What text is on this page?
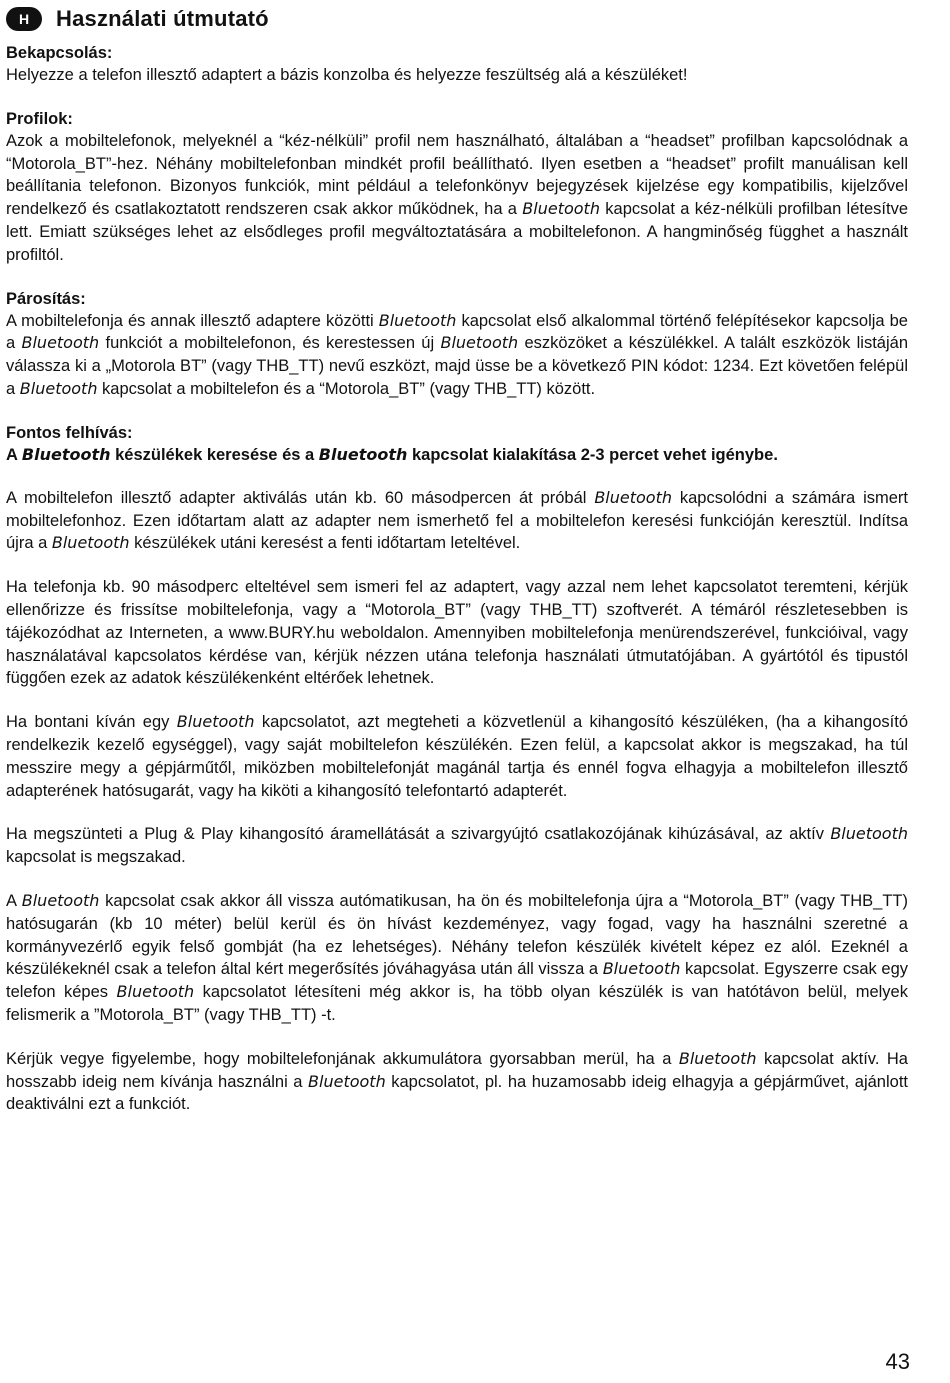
H	Használati útmutató
Bekapcsolás:

Helyezze a telefon illesztő adaptert a bázis konzolba és helyezze feszültség alá a készüléket!

Profilok:

Azok a mobiltelefonok, melyeknél a “kéz-nélküli” profil nem használható, általában a “headset” profilban kapcsolódnak a “Motorola_BT”-hez. Néhány mobiltelefonban mindkét profil beállítható. Ilyen esetben a “headset” profilt manuálisan kell beállítania telefonon. Bizonyos funkciók, mint például a telefonkönyv bejegyzések kijelzése egy kompatibilis, kijelzővel rendelkező és csatlakoztatott rendszeren csak akkor működnek, ha a Bluetooth kapcsolat a kéz-nélküli profilban létesítve lett. Emiatt szükséges lehet az elsődleges profil megváltoztatására a mobiltelefonon. A hangminőség függhet a használt profiltól.

Párosítás:

A mobiltelefonja és annak illesztő adaptere közötti Bluetooth kapcsolat első alkalommal történő felépítésekor kapcsolja be a Bluetooth funkciót a mobiltelefonon, és kerestessen új Bluetooth eszközöket a készülékkel. A talált eszközök listáján válassza ki a „Motorola BT” (vagy THB_TT) nevű eszközt, majd üsse be a következő PIN kódot: 1234. Ezt követően felépül a Bluetooth kapcsolat a mobiltelefon és a “Motorola_BT” (vagy THB_TT) között.

Fontos felhívás:

A Bluetooth készülékek keresése és a Bluetooth kapcsolat kialakítása 2-3 percet vehet igénybe.

A mobiltelefon illesztő adapter aktiválás után kb. 60 másodpercen át próbál Bluetooth kapcsolódni a számára ismert mobiltelefonhoz. Ezen időtartam alatt az adapter nem ismerhető fel a mobiltelefon keresési funkcióján keresztül. Indítsa újra a Bluetooth készülékek utáni keresést a fenti időtartam leteltével.

Ha telefonja kb. 90 másodperc elteltével sem ismeri fel az adaptert, vagy azzal nem lehet kapcsolatot teremteni, kérjük ellenőrizze és frissítse mobiltelefonja, vagy a “Motorola_BT” (vagy THB_TT) szoftverét. A témáról részletesebben is tájékozódhat az Interneten, a www.BURY.hu weboldalon. Amennyiben mobiltelefonja menürendszerével, funkcióival, vagy használatával kapcsolatos kérdése van, kérjük nézzen utána telefonja használati útmutatójában. A gyártótól és tipustól függően ezek az adatok készülékenként eltérőek lehetnek.

Ha bontani kíván egy Bluetooth kapcsolatot, azt megteheti a közvetlenül a kihangosító készüléken, (ha a kihangosító rendelkezik kezelő egységgel), vagy saját mobiltelefon készülékén. Ezen felül, a kapcsolat akkor is megszakad, ha túl messzire megy a gépjárműtől, miközben mobiltelefonját magánál tartja és ennél fogva elhagyja a mobiltelefon illesztő adapterének hatósugarát, vagy ha kiköti a kihangosító telefontartó adapterét.

Ha megszünteti a Plug & Play kihangosító áramellátását a szivargyújtó csatlakozójának kihúzásával, az aktív Bluetooth kapcsolat is megszakad.

A Bluetooth kapcsolat csak akkor áll vissza autómatikusan, ha ön és mobiltelefonja újra a “Motorola_BT” (vagy THB_TT) hatósugarán (kb 10 méter) belül kerül és ön hívást kezdeményez, vagy fogad, vagy ha használni szeretné a kormányvezérlő egyik felső gombját (ha ez lehetséges). Néhány telefon készülék kivételt képez ez alól. Ezeknél a készülékeknél csak a telefon által kért megerősítés jóváhagyása után áll vissza a Bluetooth kapcsolat. Egyszerre csak egy telefon képes Bluetooth kapcsolatot létesíteni még akkor is, ha több olyan készülék is van hatótávon belül, melyek felismerik a ”Motorola_BT” (vagy THB_TT) -t.

Kérjük vegye figyelembe, hogy mobiltelefonjának akkumulátora gyorsabban merül, ha a Bluetooth kapcsolat aktív. Ha hosszabb ideig nem kívánja használni a Bluetooth kapcsolatot, pl. ha huzamosabb ideig elhagyja a gépjárművet, ajánlott deaktiválni ezt a funkciót.

43
